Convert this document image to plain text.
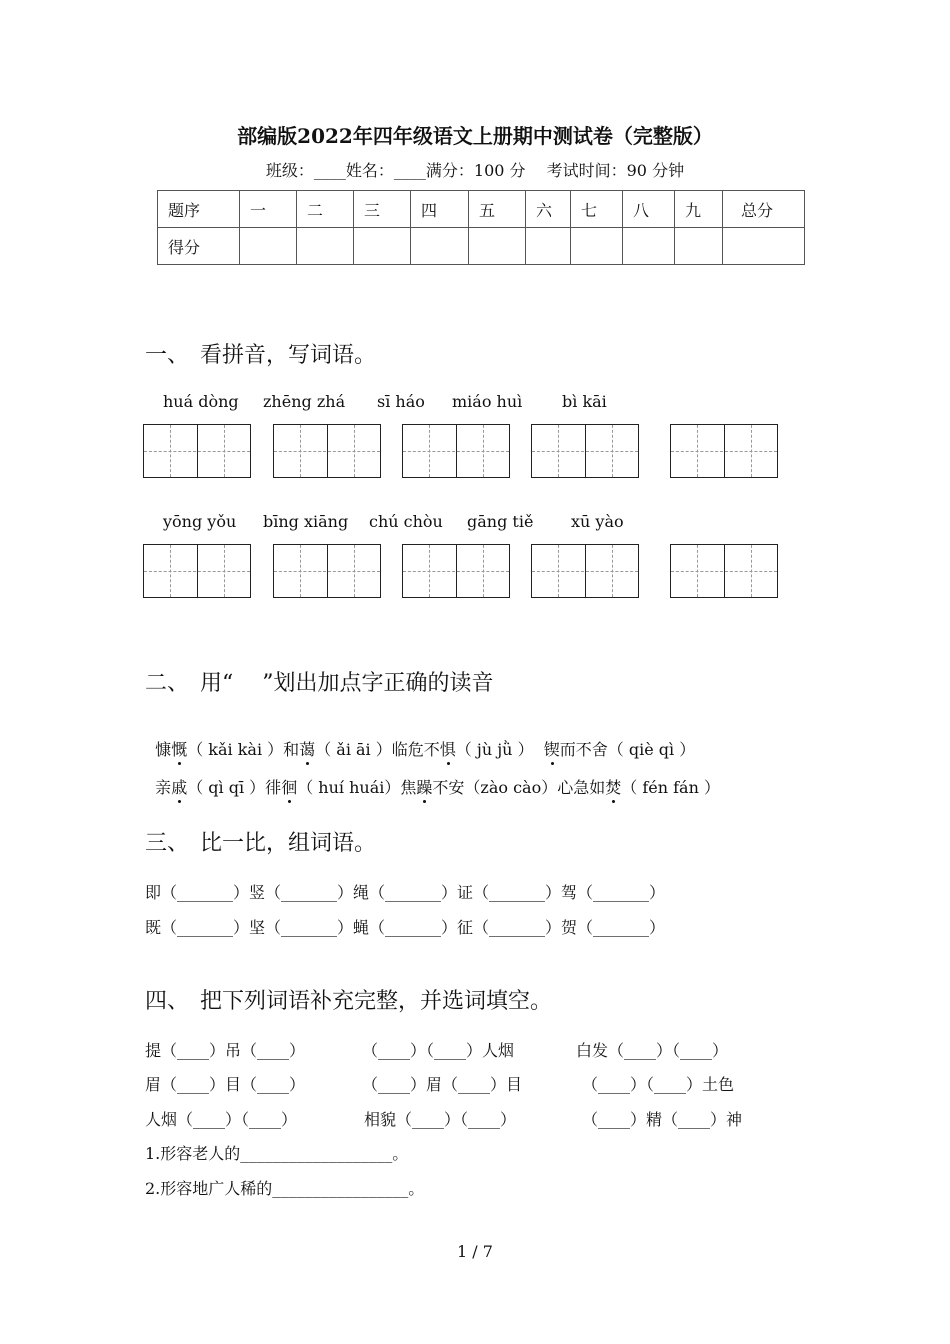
部编版2022年四年级语文上册期中测试卷（完整版）
班级：____姓名：____满分：100 分　 考试时间：90 分钟
题序	一	二	三	四	五	六	七	八	九	总分
得分										
一、　看拼音，写词语。
huá dòng zhēng zhá sī háo miáo huì bì kāi
yōng yǒu bīng xiāng chú chòu gāng tiě xū yào
二、　用“　 ”划出加点字正确的读音

慷慨（ kǎi kài ）和蔼（ ǎi āi ）临危不惧（ jù jǜ ）  锲而不舍（ qiè qì ）

亲戚（ qì qī ）徘徊（ huí huái）焦躁不安（zào cào）心急如焚（ fén fán ）

三、　比一比，组词语。
即（_______）竖（_______）绳（_______）证（_______）驾（_______）
既（_______）坚（_______）蝇（_______）征（_______）贺（_______）
四、　把下列词语补充完整，并选词填空。
提（____）吊（____）	（____）（____）人烟	白发（____）（____）
眉（____）目（____）	（____）眉（____）目	（____）（____）土色
人烟（____）（____）	相貌（____）（____）	（____）精（____）神
1.形容老人的___________________。
2.形容地广人稀的_________________。
1 / 7
